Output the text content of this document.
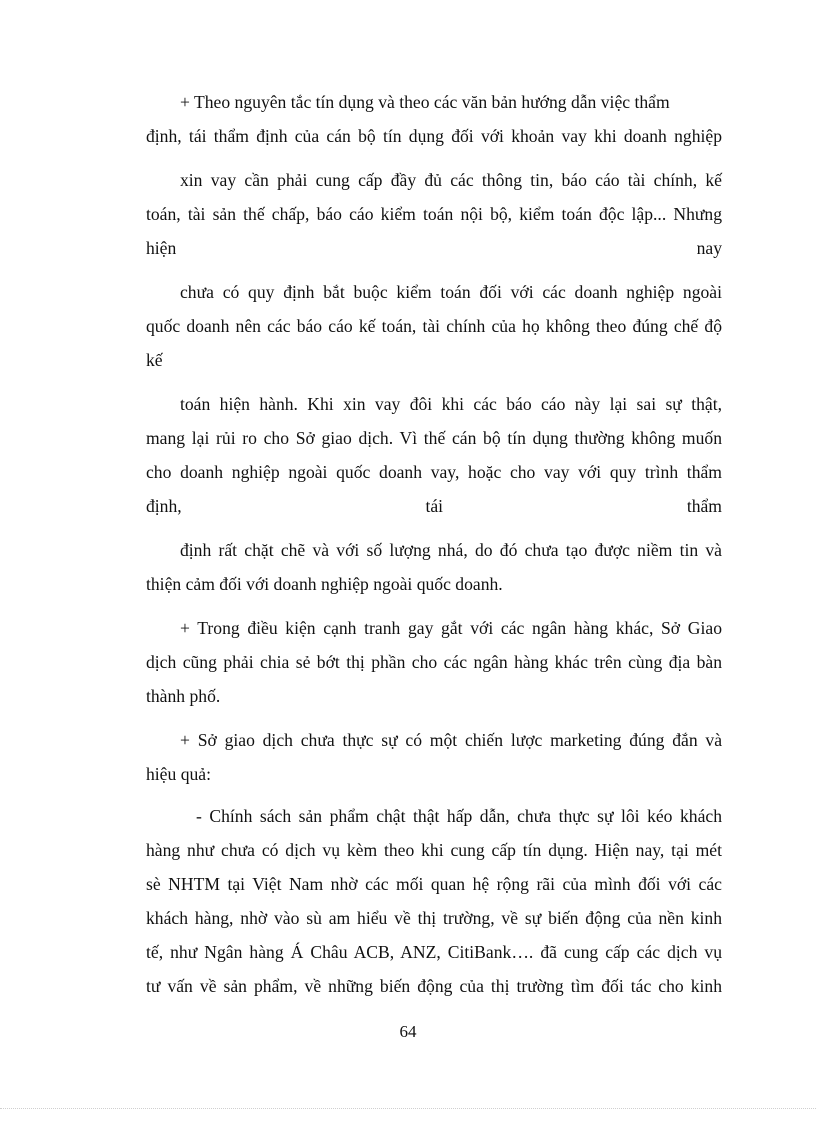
+ Theo nguyên tắc tín dụng và theo các văn bản hướng dẫn việc thẩm
định, tái thẩm định của cán bộ tín dụng đối với khoản vay khi doanh nghiệp
xin vay cần phải cung cấp đầy đủ các thông tin, báo cáo tài chính, kế
toán, tài sản thế chấp, báo cáo kiểm toán nội bộ, kiểm toán độc lập... Nhưng
hiện	nay
chưa có quy định bắt buộc kiểm toán đối với các doanh nghiệp ngoài
quốc doanh nên các báo cáo kế toán, tài chính của họ không theo đúng chế độ
kế
toán hiện hành. Khi xin vay đôi khi các báo cáo này lại sai sự thật,
mang lại rủi ro cho Sở giao dịch. Vì thế cán bộ tín dụng thường không muốn
cho doanh nghiệp ngoài quốc doanh vay, hoặc cho vay với quy trình thẩm
định,	tái	thẩm
định rất chặt chẽ và với số lượng nhá, do đó chưa tạo được niềm tin và
thiện cảm đối với doanh nghiệp ngoài quốc doanh.
+ Trong điều kiện cạnh tranh gay gắt với các ngân hàng khác, Sở Giao
dịch cũng phải chia sẻ bớt thị phần cho các ngân hàng khác trên cùng địa bàn
thành phố.
+ Sở giao dịch chưa thực sự có một chiến lược marketing đúng đắn và
hiệu quả:
- Chính sách sản phẩm chật thật hấp dẫn, chưa thực sự lôi kéo khách
hàng như chưa có dịch vụ kèm theo khi cung cấp tín dụng. Hiện nay, tại mét
sè NHTM tại Việt Nam nhờ các mối quan hệ rộng rãi của mình đối với các
khách hàng, nhờ vào sù am hiểu về thị trường, về sự biến động của nền kinh
tế, như Ngân hàng Á Châu ACB, ANZ, CitiBank…. đã cung cấp các dịch vụ
tư vấn về sản phẩm, về những biến động của thị trường tìm đối tác cho kinh
64
